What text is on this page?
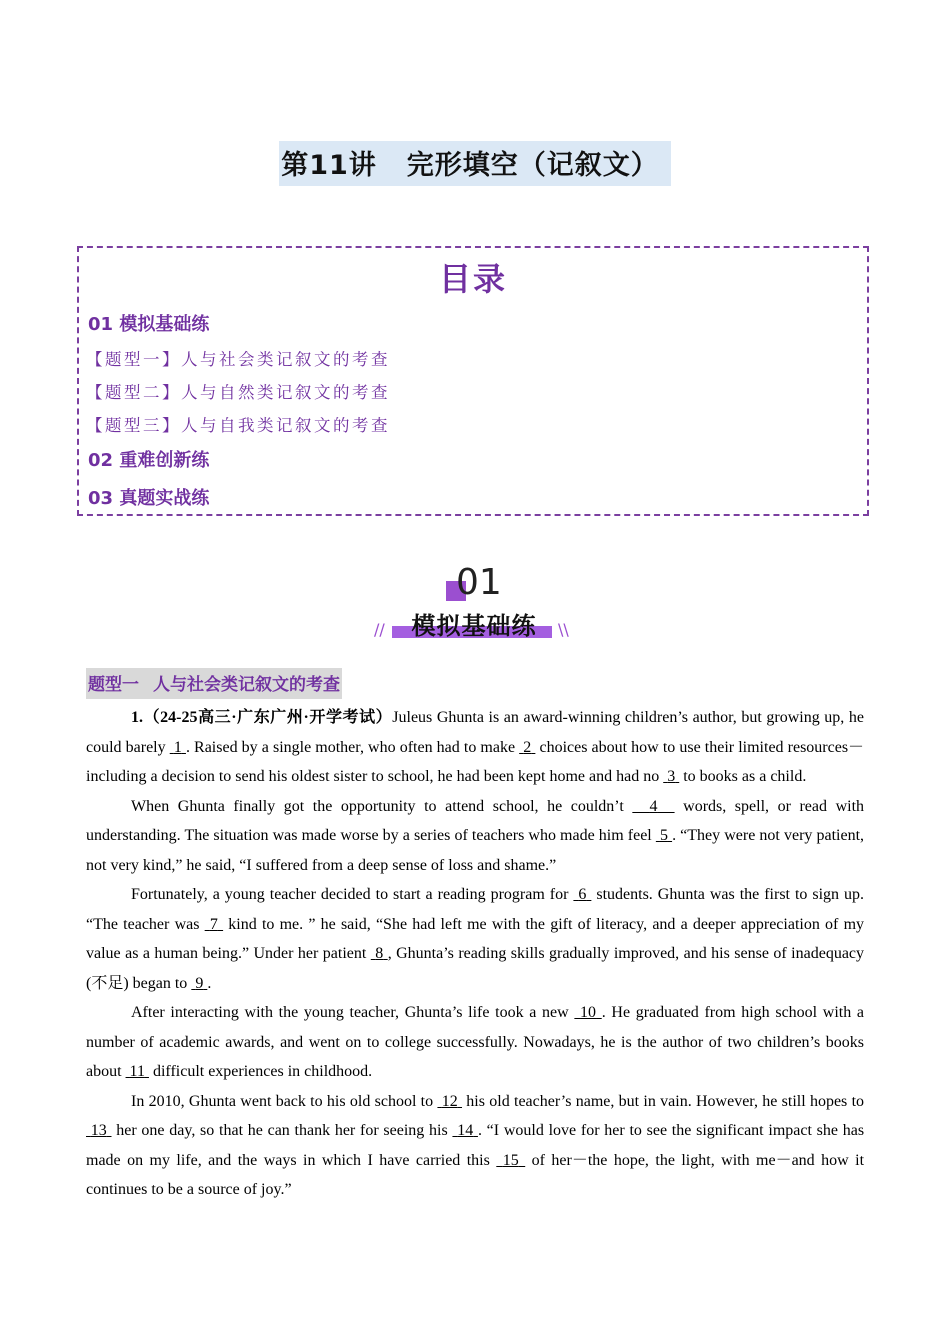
第11讲 完形填空（记叙文）
目录
01 模拟基础练
【题型一】人与社会类记叙文的考查
【题型二】人与自然类记叙文的考查
【题型三】人与自我类记叙文的考查
02 重难创新练
03 真题实战练
01
//	模拟基础练	\\
题型一 人与社会类记叙文的考查

1.（24-25高三·广东广州·开学考试）Juleus Ghunta is an award-winning children’s author, but growing up, he could barely  1 . Raised by a single mother, who often had to make  2  choices about how to use their limited resources－including a decision to send his oldest sister to school, he had been kept home and had no  3  to books as a child.

When Ghunta finally got the opportunity to attend school, he couldn’t   4   words, spell, or read with understanding. The situation was made worse by a series of teachers who made him feel  5 . “They were not very patient, not very kind,” he said, “I suffered from a deep sense of loss and shame.”

Fortunately, a young teacher decided to start a reading program for  6  students. Ghunta was the first to sign up. “The teacher was  7  kind to me. ” he said, “She had left me with the gift of literacy, and a deeper appreciation of my value as a human being.” Under her patient  8 , Ghunta’s reading skills gradually improved, and his sense of inadequacy (不足) began to  9 .

After interacting with the young teacher, Ghunta’s life took a new  10 . He graduated from high school with a number of academic awards, and went on to college successfully. Nowadays, he is the author of two children’s books about  11  difficult experiences in childhood.

In 2010, Ghunta went back to his old school to  12  his old teacher’s name, but in vain. However, he still hopes to  13  her one day, so that he can thank her for seeing his  14 . “I would love for her to see the significant impact she has made on my life, and the ways in which I have carried this  15  of her－the hope, the light, with me－and how it continues to be a source of joy.”
